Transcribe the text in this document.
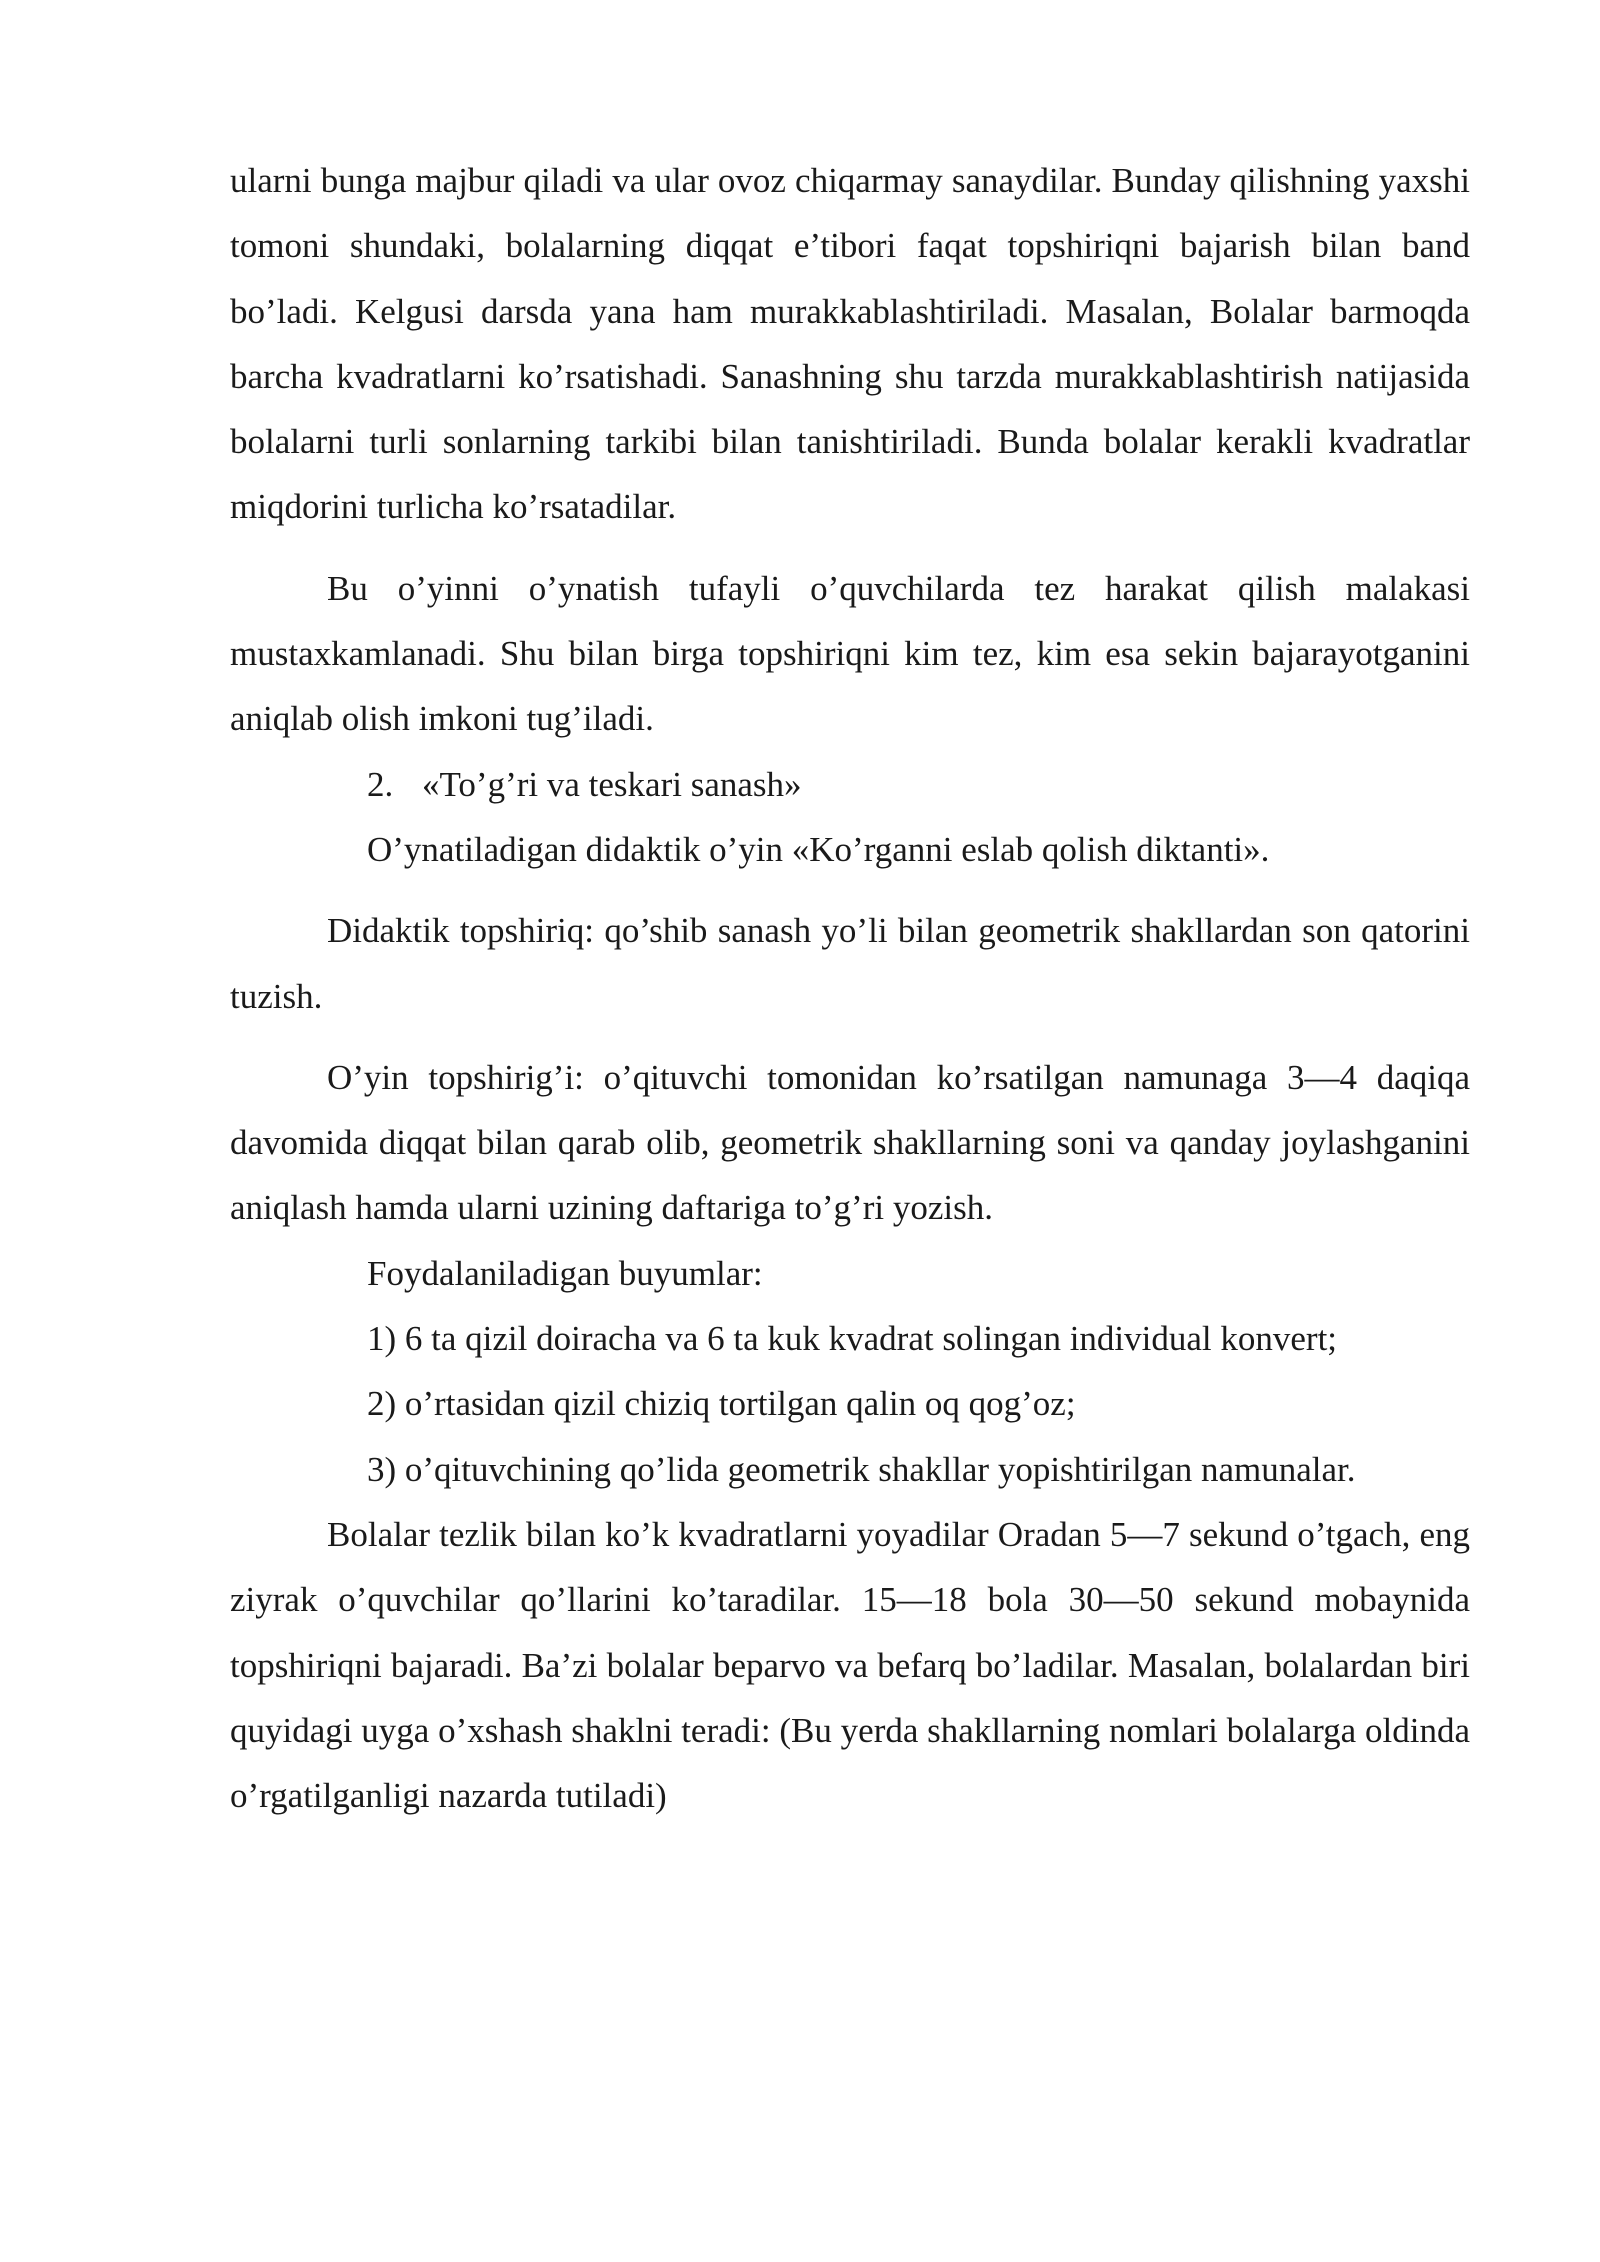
ularni bunga majbur qiladi va ular ovoz chiqarmay sanaydilar. Bunday qilishning yaxshi tomoni shundaki, bolalarning diqqat e’tibori faqat topshiriqni bajarish bilan band bo’ladi. Kelgusi darsda yana ham murakkablashtiriladi. Masalan, Bolalar barmoqda barcha kvadratlarni ko’rsatishadi. Sanashning shu tarzda murakkablashtirish natijasida bolalarni turli sonlarning tarkibi bilan tanishtiriladi. Bunda bolalar kerakli kvadratlar miqdorini turlicha ko’rsatadilar.

Bu o’yinni o’ynatish tufayli o’quvchilarda tez harakat qilish malakasi mustaxkamlanadi. Shu bilan birga topshiriqni kim tez, kim esa sekin bajarayotganini aniqlab olish imkoni tug’iladi.

2. «To’g’ri va teskari sanash»

O’ynatiladigan didaktik o’yin «Ko’rganni eslab qolish diktanti».

Didaktik topshiriq: qo’shib sanash yo’li bilan geometrik shakllardan son qatorini tuzish.

O’yin topshirig’i: o’qituvchi tomonidan ko’rsatilgan namunaga 3—4 daqiqa davomida diqqat bilan qarab olib, geometrik shakllarning soni va qanday joylashganini aniqlash hamda ularni uzining daftariga to’g’ri yozish.

Foydalaniladigan buyumlar:

1) 6 ta qizil doiracha va 6 ta kuk kvadrat solingan individual konvert;

2) o’rtasidan qizil chiziq tortilgan qalin oq qog’oz;

3) o’qituvchining qo’lida geometrik shakllar yopishtirilgan namunalar.

Bolalar tezlik bilan ko’k kvadratlarni yoyadilar Oradan 5—7 sekund o’tgach, eng ziyrak o’quvchilar qo’llarini ko’taradilar. 15—18 bola 30—50 sekund mobaynida topshiriqni bajaradi. Ba’zi bolalar beparvo va befarq bo’ladilar. Masalan, bolalardan biri quyidagi uyga o’xshash shaklni teradi: (Bu yerda shakllarning nomlari bolalarga oldinda o’rgatilganligi nazarda tutiladi)
